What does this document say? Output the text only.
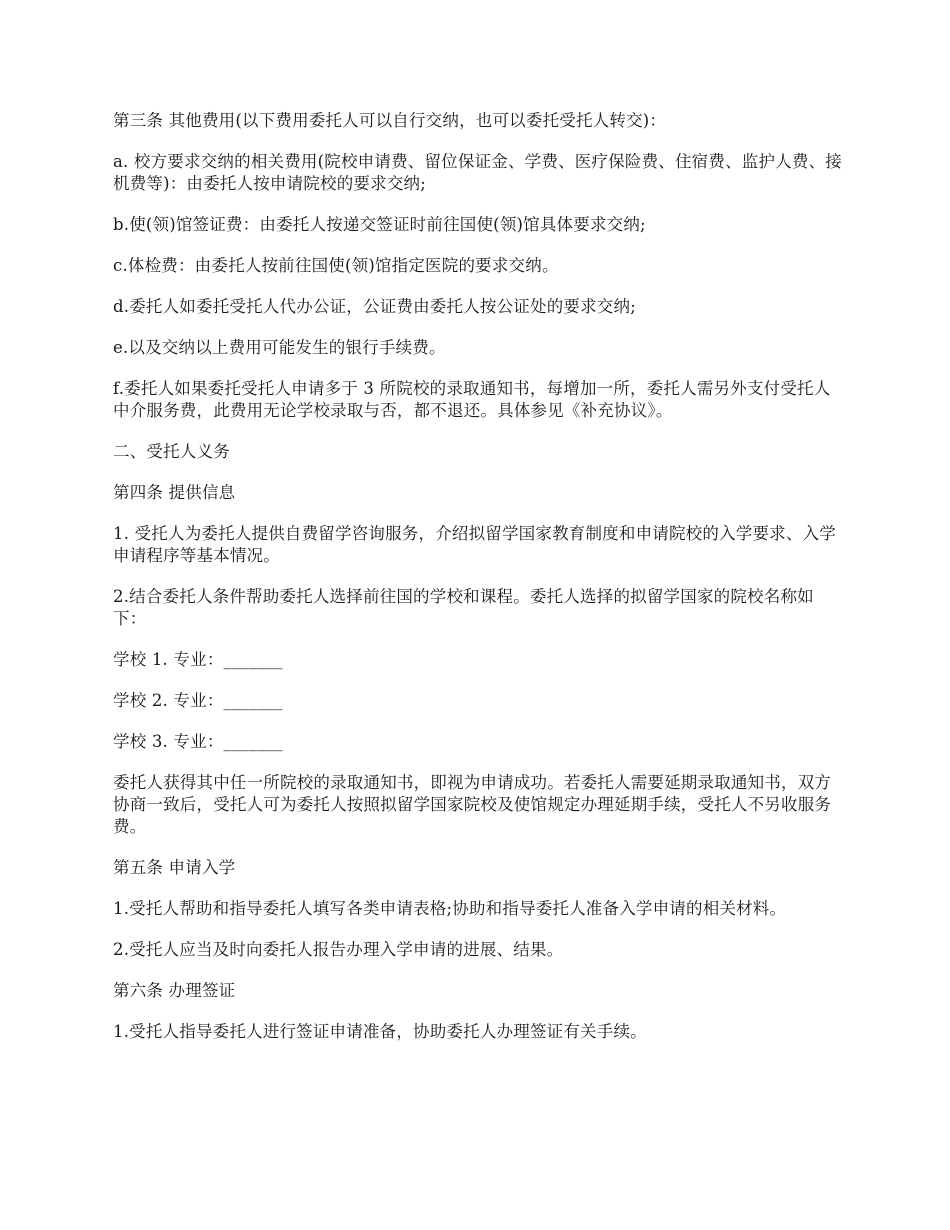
第三条 其他费用(以下费用委托人可以自行交纳，也可以委托受托人转交)：

a. 校方要求交纳的相关费用(院校申请费、留位保证金、学费、医疗保险费、住宿费、监护人费、接机费等)：由委托人按申请院校的要求交纳;

b.使(领)馆签证费：由委托人按递交签证时前往国使(领)馆具体要求交纳;

c.体检费：由委托人按前往国使(领)馆指定医院的要求交纳。

d.委托人如委托受托人代办公证，公证费由委托人按公证处的要求交纳;

e.以及交纳以上费用可能发生的银行手续费。

f.委托人如果委托受托人申请多于 3 所院校的录取通知书，每增加一所，委托人需另外支付受托人中介服务费，此费用无论学校录取与否，都不退还。具体参见《补充协议》。

二、受托人义务

第四条 提供信息

1. 受托人为委托人提供自费留学咨询服务，介绍拟留学国家教育制度和申请院校的入学要求、入学申请程序等基本情况。

2.结合委托人条件帮助委托人选择前往国的学校和课程。委托人选择的拟留学国家的院校名称如下：

学校 1. 专业：_______

学校 2. 专业：_______

学校 3. 专业：_______

委托人获得其中任一所院校的录取通知书，即视为申请成功。若委托人需要延期录取通知书，双方协商一致后，受托人可为委托人按照拟留学国家院校及使馆规定办理延期手续，受托人不另收服务费。

第五条 申请入学

1.受托人帮助和指导委托人填写各类申请表格;协助和指导委托人准备入学申请的相关材料。

2.受托人应当及时向委托人报告办理入学申请的进展、结果。

第六条 办理签证

1.受托人指导委托人进行签证申请准备，协助委托人办理签证有关手续。
